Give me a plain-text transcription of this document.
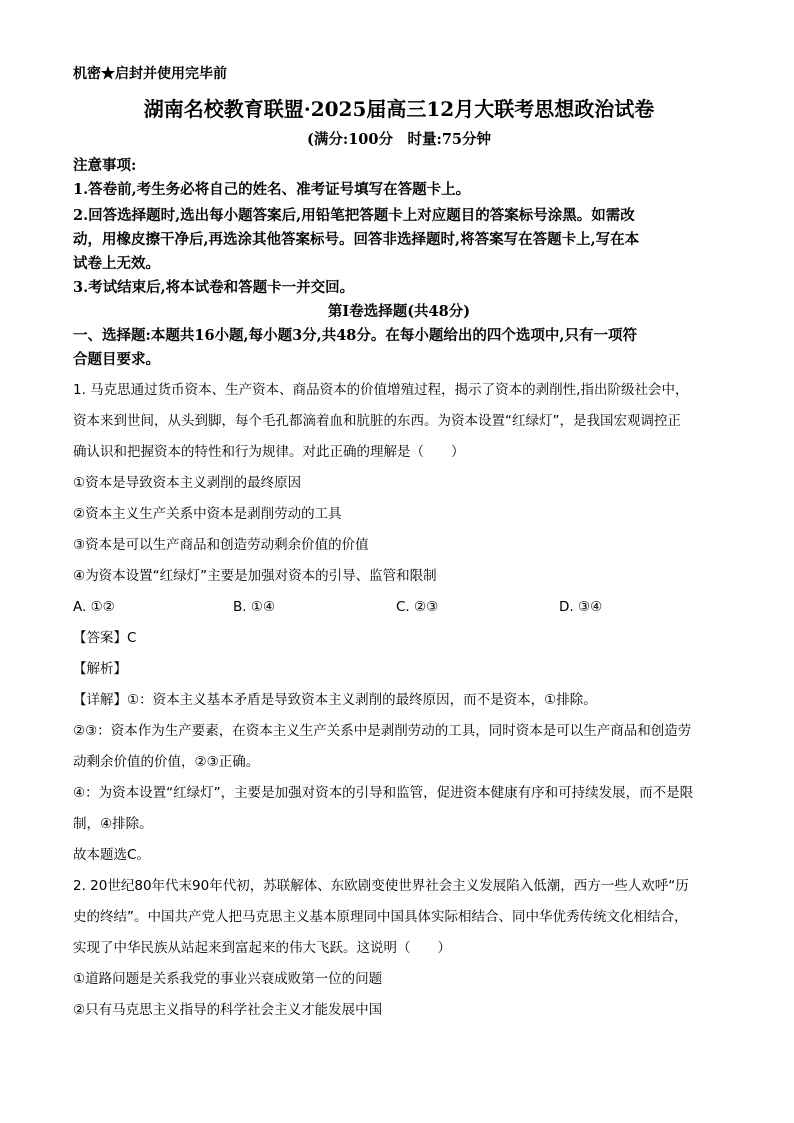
机密★启封并使用完毕前
湖南名校教育联盟·2025届高三12月大联考思想政治试卷
(满分:100分　时量:75分钟
注意事项:
1.答卷前,考生务必将自己的姓名、准考证号填写在答题卡上。
2.回答选择题时,选出每小题答案后,用铅笔把答题卡上对应题目的答案标号涂黑。如需改
动，用橡皮擦干净后,再选涂其他答案标号。回答非选择题时,将答案写在答题卡上,写在本
试卷上无效。
3.考试结束后,将本试卷和答题卡一并交回。
第Ⅰ卷选择题(共48分)
一、选择题:本题共16小题,每小题3分,共48分。在每小题给出的四个选项中,只有一项符
合题目要求。
1. 马克思通过货币资本、生产资本、商品资本的价值增殖过程，揭示了资本的剥削性,指出阶级社会中，
资本来到世间，从头到脚，每个毛孔都滴着血和肮脏的东西。为资本设置“红绿灯”，是我国宏观调控正
确认识和把握资本的特性和行为规律。对此正确的理解是（　　）
①资本是导致资本主义剥削的最终原因
②资本主义生产关系中资本是剥削劳动的工具
③资本是可以生产商品和创造劳动剩余价值的价值
④为资本设置“红绿灯”主要是加强对资本的引导、监管和限制
A. ①②	B. ①④	C. ②③	D. ③④
【答案】C
【解析】
【详解】①：资本主义基本矛盾是导致资本主义剥削的最终原因，而不是资本，①排除。
②③：资本作为生产要素，在资本主义生产关系中是剥削劳动的工具，同时资本是可以生产商品和创造劳
动剩余价值的价值，②③正确。
④：为资本设置“红绿灯”，主要是加强对资本的引导和监管，促进资本健康有序和可持续发展，而不是限
制，④排除。
故本题选C。
2. 20世纪80年代末90年代初，苏联解体、东欧剧变使世界社会主义发展陷入低潮，西方一些人欢呼“历
史的终结”。中国共产党人把马克思主义基本原理同中国具体实际相结合、同中华优秀传统文化相结合，
实现了中华民族从站起来到富起来的伟大飞跃。这说明（　　）
①道路问题是关系我党的事业兴衰成败第一位的问题
②只有马克思主义指导的科学社会主义才能发展中国
